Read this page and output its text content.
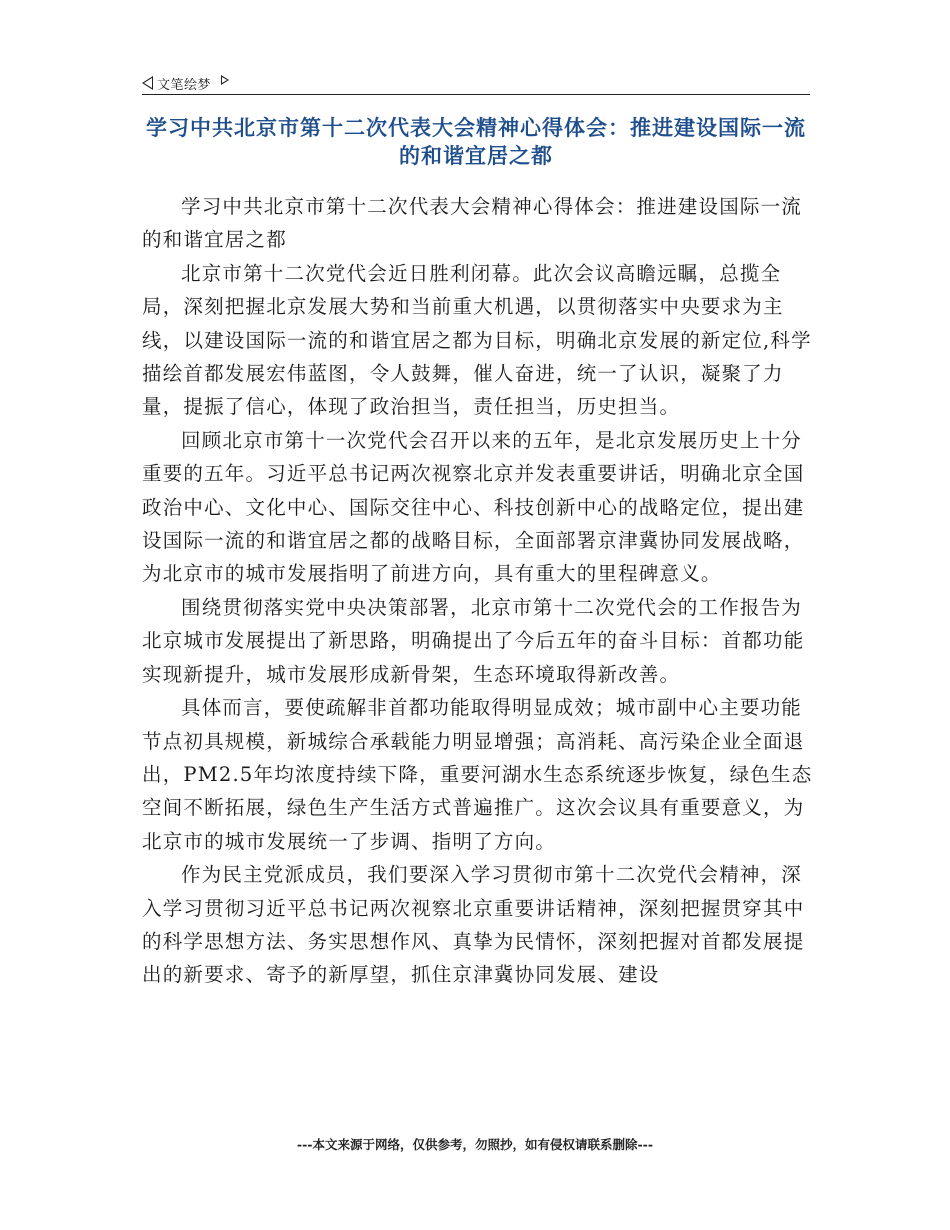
文笔绘梦
学习中共北京市第十二次代表大会精神心得体会：推进建设国际一流的和谐宜居之都

学习中共北京市第十二次代表大会精神心得体会：推进建设国际一流的和谐宜居之都

北京市第十二次党代会近日胜利闭幕。此次会议高瞻远瞩，总揽全局，深刻把握北京发展大势和当前重大机遇，以贯彻落实中央要求为主线，以建设国际一流的和谐宜居之都为目标，明确北京发展的新定位,科学描绘首都发展宏伟蓝图，令人鼓舞，催人奋进，统一了认识，凝聚了力量，提振了信心，体现了政治担当，责任担当，历史担当。

回顾北京市第十一次党代会召开以来的五年，是北京发展历史上十分重要的五年。习近平总书记两次视察北京并发表重要讲话，明确北京全国政治中心、文化中心、国际交往中心、科技创新中心的战略定位，提出建设国际一流的和谐宜居之都的战略目标，全面部署京津冀协同发展战略，为北京市的城市发展指明了前进方向，具有重大的里程碑意义。

围绕贯彻落实党中央决策部署，北京市第十二次党代会的工作报告为北京城市发展提出了新思路，明确提出了今后五年的奋斗目标：首都功能实现新提升，城市发展形成新骨架，生态环境取得新改善。

具体而言，要使疏解非首都功能取得明显成效；城市副中心主要功能节点初具规模，新城综合承载能力明显增强；高消耗、高污染企业全面退出，PM2.5年均浓度持续下降，重要河湖水生态系统逐步恢复，绿色生态空间不断拓展，绿色生产生活方式普遍推广。这次会议具有重要意义，为北京市的城市发展统一了步调、指明了方向。

作为民主党派成员，我们要深入学习贯彻市第十二次党代会精神，深入学习贯彻习近平总书记两次视察北京重要讲话精神，深刻把握贯穿其中的科学思想方法、务实思想作风、真挚为民情怀，深刻把握对首都发展提出的新要求、寄予的新厚望，抓住京津冀协同发展、建设

---本文来源于网络，仅供参考，勿照抄，如有侵权请联系删除---
